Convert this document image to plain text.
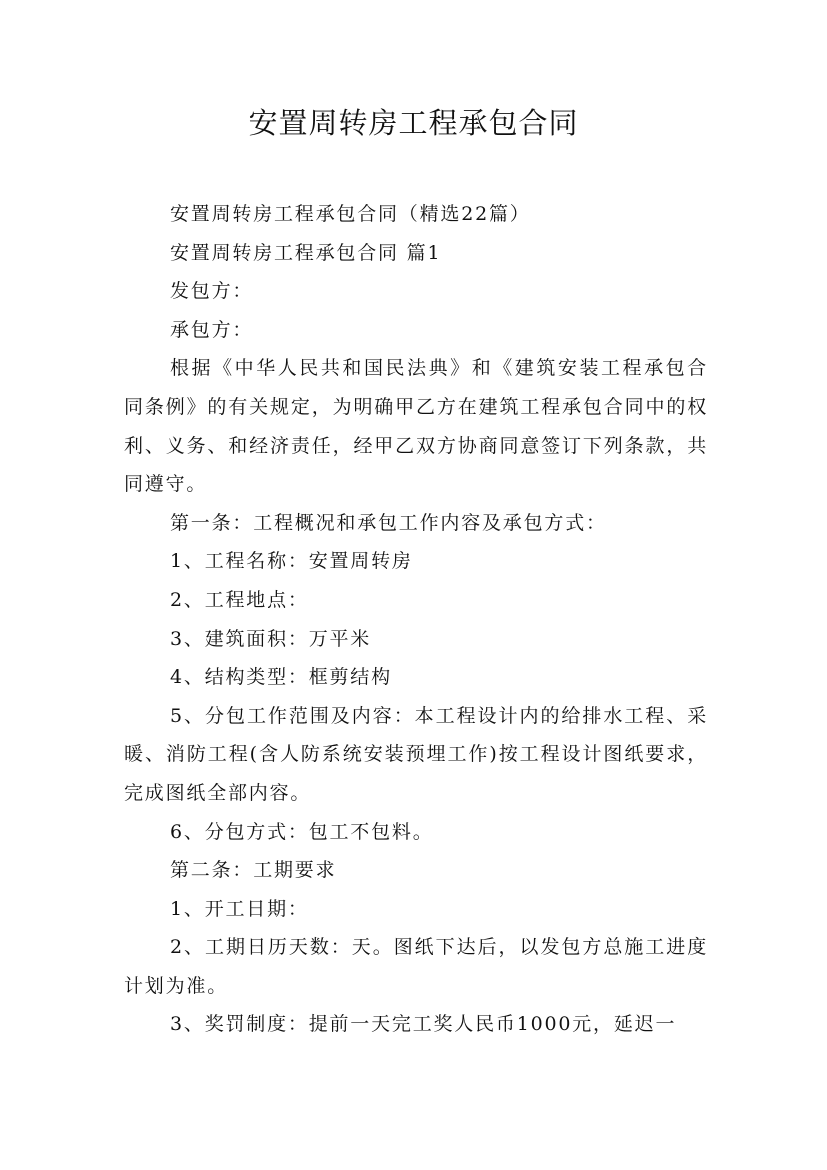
安置周转房工程承包合同

安置周转房工程承包合同（精选22篇）

安置周转房工程承包合同 篇1

发包方：

承包方：

根据《中华人民共和国民法典》和《建筑安装工程承包合同条例》的有关规定，为明确甲乙方在建筑工程承包合同中的权利、义务、和经济责任，经甲乙双方协商同意签订下列条款，共同遵守。

第一条：工程概况和承包工作内容及承包方式：

1、工程名称：安置周转房

2、工程地点：

3、建筑面积：万平米

4、结构类型：框剪结构

5、分包工作范围及内容：本工程设计内的给排水工程、采暖、消防工程(含人防系统安装预埋工作)按工程设计图纸要求，完成图纸全部内容。

6、分包方式：包工不包料。

第二条：工期要求

1、开工日期：

2、工期日历天数：天。图纸下达后，以发包方总施工进度计划为准。

3、奖罚制度：提前一天完工奖人民币1000元，延迟一
